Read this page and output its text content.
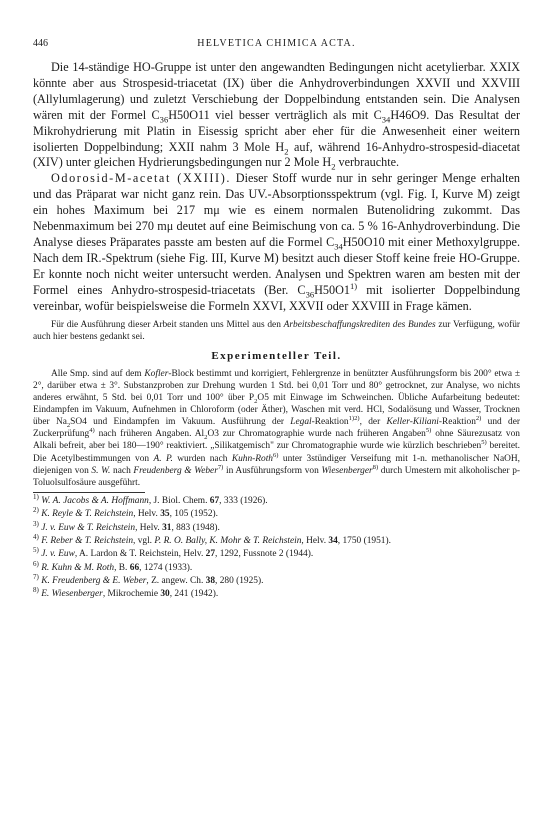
446	HELVETICA CHIMICA ACTA.

Die 14-ständige HO-Gruppe ist unter den angewandten Bedingungen nicht acetylierbar. XXIX könnte aber aus Strospesid-triacetat (IX) über die Anhydroverbindungen XXVII und XXVIII (Allylumlagerung) und zuletzt Verschiebung der Doppelbindung entstanden sein. Die Analysen wären mit der Formel $C_{36}H50O11$ viel besser verträglich als mit $C_{34}H46O9$. Das Resultat der Mikrohydrierung mit Platin in Eisessig spricht aber eher für die Anwesenheit einer weitern isolierten Doppelbindung; XXII nahm 3 Mole $H_2$ auf, während 16-Anhydro-strospesid-diacetat (XIV) unter gleichen Hydrierungsbedingungen nur 2 Mole $H_2$ verbrauchte.

Odorosid-M-acetat (XXIII). Dieser Stoff wurde nur in sehr geringer Menge erhalten und das Präparat war nicht ganz rein. Das UV.-Absorptionsspektrum (vgl. Fig. I, Kurve M) zeigt ein hohes Maximum bei 217 mμ wie es einem normalen Butenolidring zukommt. Das Nebenmaximum bei 270 mμ deutet auf eine Beimischung von ca. 5 % 16-Anhydroverbindung. Die Analyse dieses Präparates passte am besten auf die Formel $C_{34}H50O10$ mit einer Methoxylgruppe. Nach dem IR.-Spektrum (siehe Fig. III, Kurve M) besitzt auch dieser Stoff keine freie HO-Gruppe. Er konnte noch nicht weiter untersucht werden. Analysen und Spektren waren am besten mit der Formel eines Anhydro-strospesid-triacetats (Ber. $C_{36}H50O1^{1)}$ mit isolierter Doppelbindung vereinbar, wofür beispielsweise die Formeln XXVI, XXVII oder XXVIII in Frage kämen.

Für die Ausführung dieser Arbeit standen uns Mittel aus den Arbeitsbeschaffungskrediten des Bundes zur Verfügung, wofür auch hier bestens gedankt sei.
Experimenteller Teil.

Alle Smp. sind auf dem Kofler-Block bestimmt und korrigiert, Fehlergrenze in benützter Ausführungsform bis 200° etwa ± 2°, darüber etwa ± 3°. Substanzproben zur Drehung wurden 1 Std. bei 0,01 Torr und 80° getrocknet, zur Analyse, wo nichts anderes erwähnt, 5 Std. bei 0,01 Torr und 100° über $P_2O5$ mit Einwage im Schweinchen. Übliche Aufarbeitung bedeutet: Eindampfen im Vakuum, Aufnehmen in Chloroform (oder Äther), Waschen mit verd. HCl, Sodalösung und Wasser, Trocknen über $Na_2SO4$ und Eindampfen im Vakuum. Ausführung der Legal-Reaktion$^{1)2)}$, der Keller-Kiliani-Reaktion$^{2)}$ und der Zuckerprüfung$^{4)}$ nach früheren Angaben. $Al_2O3$ zur Chromatographie wurde nach früheren Angaben$^{5)}$ ohne Säurezusatz von Alkali befreit, aber bei 180—190° reaktiviert. „Silikatgemisch" zur Chromatographie wurde wie kürzlich beschrieben$^{5)}$ bereitet. Die Acetylbestimmungen von A. P. wurden nach Kuhn-Roth$^{6)}$ unter 3stündiger Verseifung mit 1-n. methanolischer NaOH, diejenigen von S. W. nach Freudenberg & Weber$^{7)}$ in Ausführungsform von Wiesenberger$^{8)}$ durch Umestern mit alkoholischer p-Toluolsulfosäure ausgeführt.

$^{1)}$ W. A. Jacobs & A. Hoffmann, J. Biol. Chem. 67, 333 (1926).
$^{2)}$ K. Reyle & T. Reichstein, Helv. 35, 105 (1952).
$^{3)}$ J. v. Euw & T. Reichstein, Helv. 31, 883 (1948).
$^{4)}$ F. Reber & T. Reichstein, vgl. P. R. O. Bally, K. Mohr & T. Reichstein, Helv. 34, 1750 (1951).
$^{5)}$ J. v. Euw, A. Lardon & T. Reichstein, Helv. 27, 1292, Fussnote 2 (1944).
$^{6)}$ R. Kuhn & M. Roth, B. 66, 1274 (1933).
$^{7)}$ K. Freudenberg & E. Weber, Z. angew. Ch. 38, 280 (1925).
$^{8)}$ E. Wiesenberger, Mikrochemie 30, 241 (1942).
